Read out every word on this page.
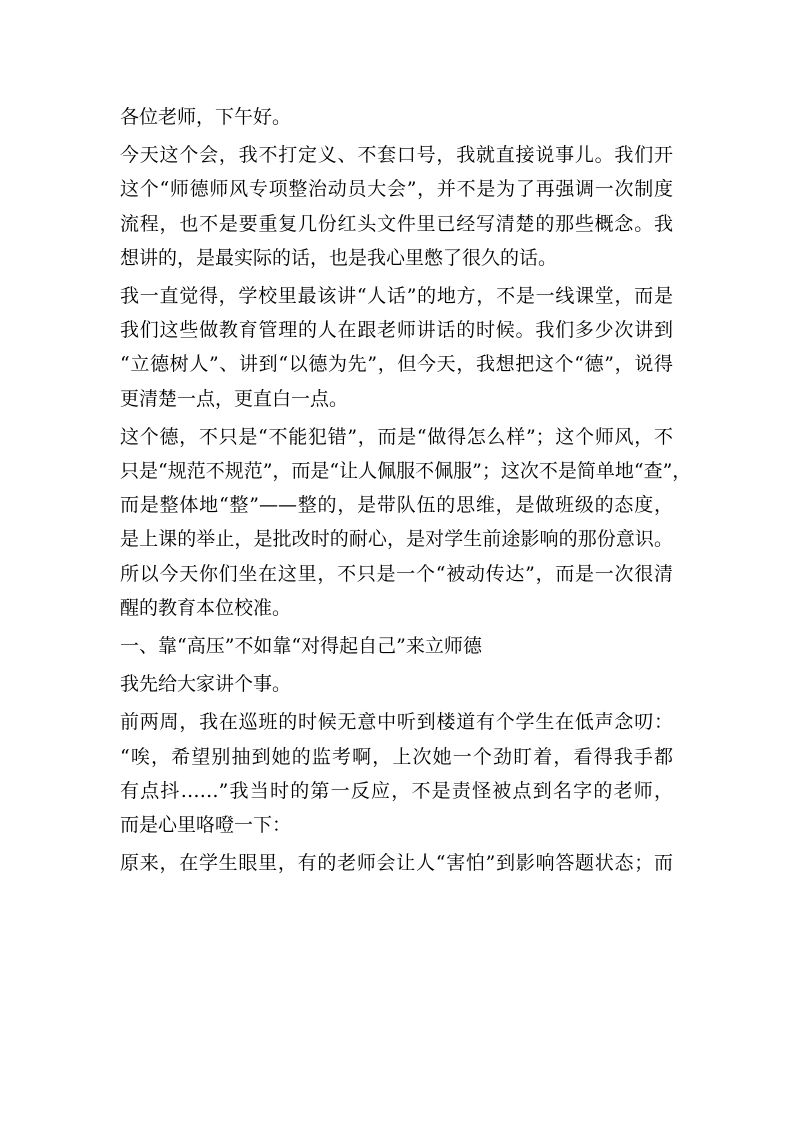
各位老师，下午好。

今天这个会，我不打定义、不套口号，我就直接说事儿。我们开
这个“师德师风专项整治动员大会”，并不是为了再强调一次制度
流程，也不是要重复几份红头文件里已经写清楚的那些概念。我
想讲的，是最实际的话，也是我心里憋了很久的话。

我一直觉得，学校里最该讲“人话”的地方，不是一线课堂，而是
我们这些做教育管理的人在跟老师讲话的时候。我们多少次讲到
“立德树人”、讲到“以德为先”，但今天，我想把这个“德”，说得
更清楚一点，更直白一点。

这个德，不只是“不能犯错”，而是“做得怎么样”；这个师风，不
只是“规范不规范”，而是“让人佩服不佩服”；这次不是简单地“查”，
而是整体地“整”——整的，是带队伍的思维，是做班级的态度，
是上课的举止，是批改时的耐心，是对学生前途影响的那份意识。
所以今天你们坐在这里，不只是一个“被动传达”，而是一次很清
醒的教育本位校准。

一、靠“高压”不如靠“对得起自己”来立师德

我先给大家讲个事。

前两周，我在巡班的时候无意中听到楼道有个学生在低声念叨：
“唉，希望别抽到她的监考啊，上次她一个劲盯着，看得我手都
有点抖……”我当时的第一反应，不是责怪被点到名字的老师，
而是心里咯噔一下：

原来，在学生眼里，有的老师会让人“害怕”到影响答题状态；而
